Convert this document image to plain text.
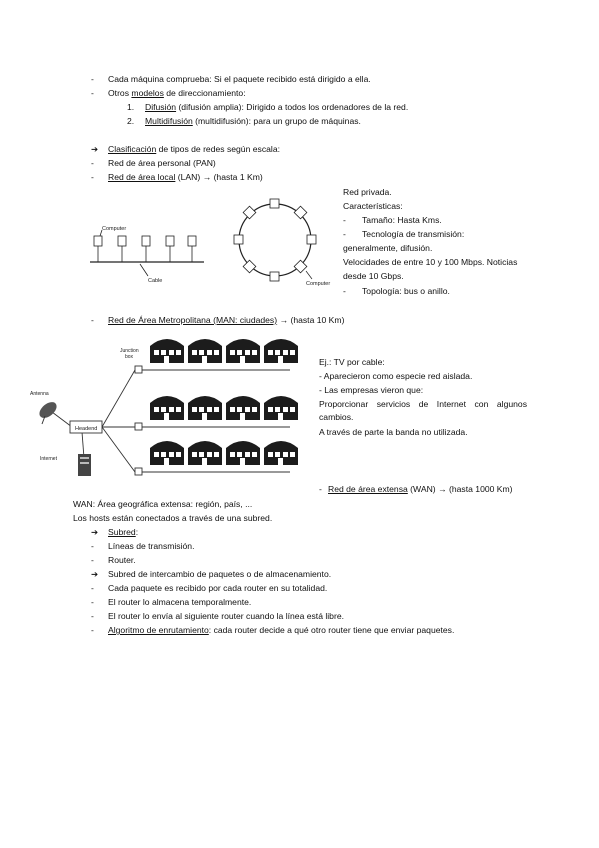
-	Cada máquina comprueba: Si el paquete recibido está dirigido a ella.
-	Otros modelos de direccionamiento:
1. Difusión (difusión amplia): Dirigido a todos los ordenadores de la red.
2. Multidifusión (multidifusión): para un grupo de máquinas.
➔	Clasificación de tipos de redes según escala:
-	Red de área personal (PAN)
-	Red de área local (LAN) → (hasta 1 Km)
Computer
Cable	Computer
Red privada.
Características:
-	Tamaño: Hasta Kms.
-	Tecnología de transmisión:
generalmente, difusión.
Velocidades de entre 10 y 100 Mbps. Noticias
desde 10 Gbps.
-	Topología: bus o anillo.
-	Red de Área Metropolitana (MAN: ciudades) → (hasta 10 Km)
Junction
box
Antenna
Headend
Internet
Ej.: TV por cable:
- Aparecieron como especie red aislada.
- Las empresas vieron que:
Proporcionar servicios de Internet con algunos cambios.
A través de parte la banda no utilizada.
- Red de área extensa (WAN) → (hasta 1000 Km)
WAN: Área geográfica extensa: región, país, ...
Los hosts están conectados a través de una subred.
➔	Subred:
-	Líneas de transmisión.
-	Router.
➔	Subred de intercambio de paquetes o de almacenamiento.
-	Cada paquete es recibido por cada router en su totalidad.
-	El router lo almacena temporalmente.
-	El router lo envía al siguiente router cuando la línea está libre.
-	Algoritmo de enrutamiento: cada router decide a qué otro router tiene que enviar paquetes.
